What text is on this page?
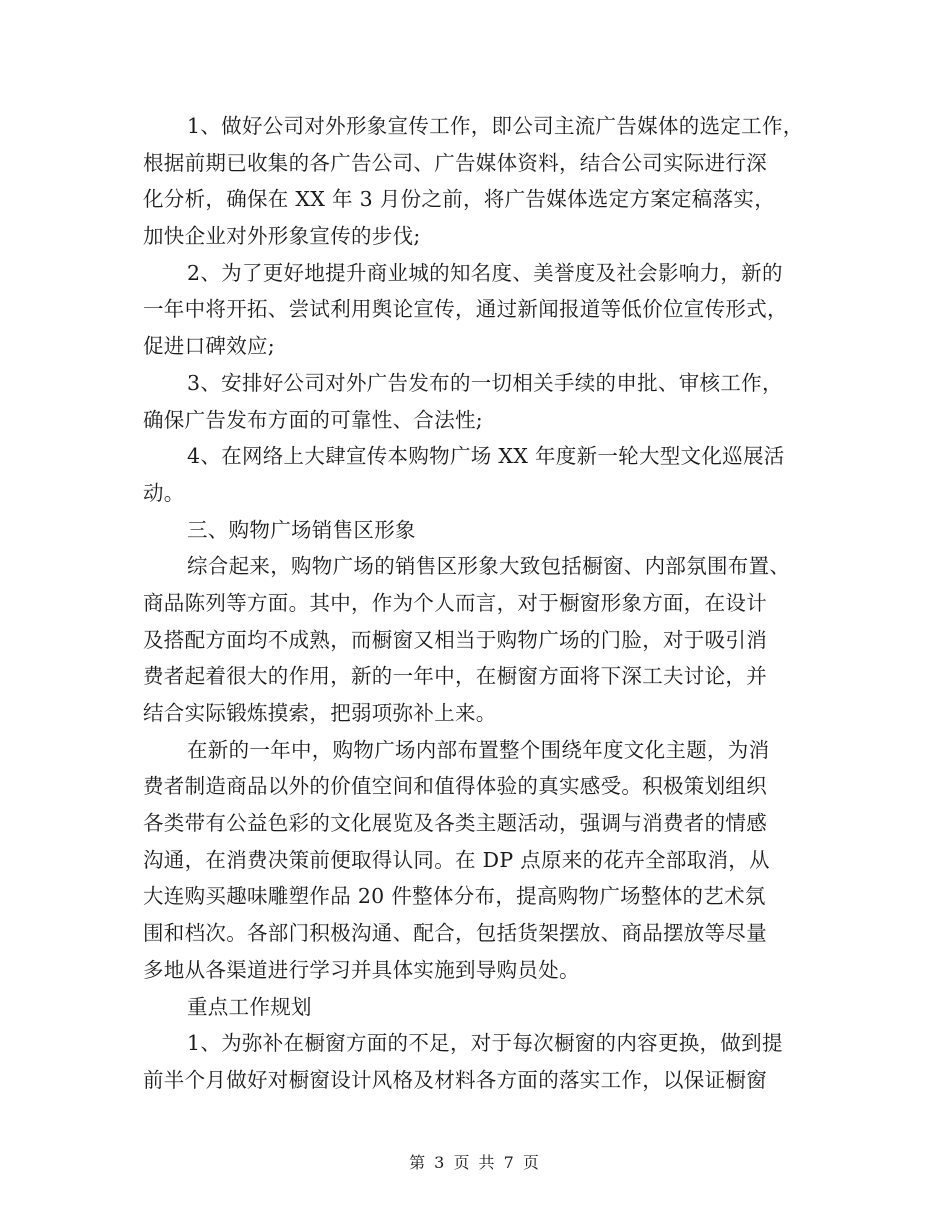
1、做好公司对外形象宣传工作，即公司主流广告媒体的选定工作，
根据前期已收集的各广告公司、广告媒体资料，结合公司实际进行深
化分析，确保在 XX 年 3 月份之前，将广告媒体选定方案定稿落实，
加快企业对外形象宣传的步伐;
2、为了更好地提升商业城的知名度、美誉度及社会影响力，新的
一年中将开拓、尝试利用舆论宣传，通过新闻报道等低价位宣传形式，
促进口碑效应;
3、安排好公司对外广告发布的一切相关手续的申批、审核工作，
确保广告发布方面的可靠性、合法性;
4、在网络上大肆宣传本购物广场 XX 年度新一轮大型文化巡展活
动。
三、购物广场销售区形象
综合起来，购物广场的销售区形象大致包括橱窗、内部氛围布置、
商品陈列等方面。其中，作为个人而言，对于橱窗形象方面，在设计
及搭配方面均不成熟，而橱窗又相当于购物广场的门脸，对于吸引消
费者起着很大的作用，新的一年中，在橱窗方面将下深工夫讨论，并
结合实际锻炼摸索，把弱项弥补上来。
在新的一年中，购物广场内部布置整个围绕年度文化主题，为消
费者制造商品以外的价值空间和值得体验的真实感受。积极策划组织
各类带有公益色彩的文化展览及各类主题活动，强调与消费者的情感
沟通，在消费决策前便取得认同。在 DP 点原来的花卉全部取消，从
大连购买趣味雕塑作品 20 件整体分布，提高购物广场整体的艺术氛
围和档次。各部门积极沟通、配合，包括货架摆放、商品摆放等尽量
多地从各渠道进行学习并具体实施到导购员处。
重点工作规划
1、为弥补在橱窗方面的不足，对于每次橱窗的内容更换，做到提
前半个月做好对橱窗设计风格及材料各方面的落实工作，以保证橱窗
第 3 页 共 7 页
